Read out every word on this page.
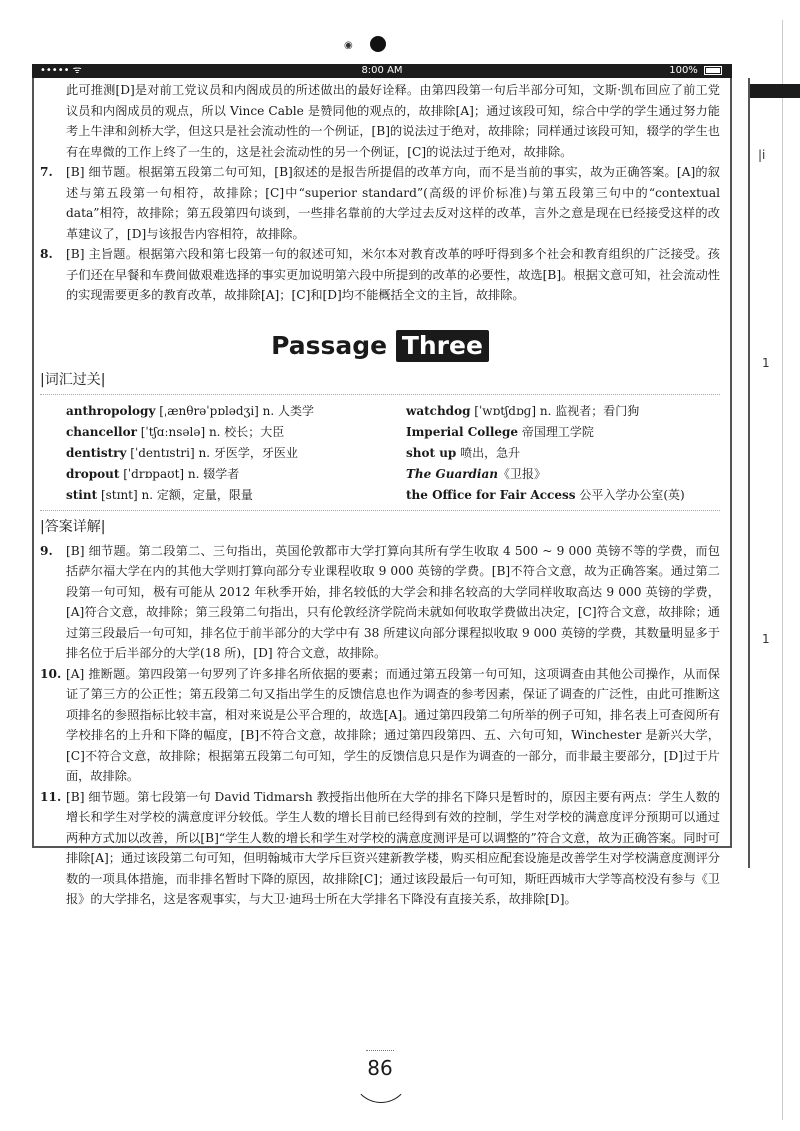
◉
••••• ᯤ	8:00 AM	100%

此可推测[D]是对前工党议员和内阁成员的所述做出的最好诠释。由第四段第一句后半部分可知，文斯·凯布回应了前工党议员和内阁成员的观点，所以 Vince Cable 是赞同他的观点的，故排除[A]；通过该段可知，综合中学的学生通过努力能考上牛津和剑桥大学，但这只是社会流动性的一个例证，[B]的说法过于绝对，故排除；同样通过该段可知，辍学的学生也有在卑微的工作上终了一生的，这是社会流动性的另一个例证，[C]的说法过于绝对，故排除。

7. [B] 细节题。根据第五段第二句可知，[B]叙述的是报告所提倡的改革方向，而不是当前的事实，故为正确答案。[A]的叙述与第五段第一句相符，故排除；[C]中“superior standard”(高级的评价标准)与第五段第三句中的“contextual data”相符，故排除；第五段第四句谈到，一些排名靠前的大学过去反对这样的改革，言外之意是现在已经接受这样的改革建议了，[D]与该报告内容相符，故排除。
8. [B] 主旨题。根据第六段和第七段第一句的叙述可知，米尔本对教育改革的呼吁得到多个社会和教育组织的广泛接受。孩子们还在早餐和车费间做艰难选择的事实更加说明第六段中所提到的改革的必要性，故选[B]。根据文意可知，社会流动性的实现需要更多的教育改革，故排除[A]；[C]和[D]均不能概括全文的主旨，故排除。
Passage Three
|词汇过关|
anthropology [ˌænθrəˈpɒlədʒi] n. 人类学	watchdog [ˈwɒtʃdɒɡ] n. 监视者；看门狗
chancellor [ˈtʃɑːnsələ] n. 校长；大臣	Imperial College 帝国理工学院
dentistry [ˈdentɪstri] n. 牙医学，牙医业	shot up 喷出，急升
dropout [ˈdrɒpaʊt] n. 辍学者	The Guardian《卫报》
stint [stɪnt] n. 定额，定量，限量	the Office for Fair Access 公平入学办公室(英)
|答案详解|
9. [B] 细节题。第二段第二、三句指出，英国伦敦都市大学打算向其所有学生收取 4 500 ~ 9 000 英镑不等的学费，而包括萨尔福大学在内的其他大学则打算向部分专业课程收取 9 000 英镑的学费。[B]不符合文意，故为正确答案。通过第二段第一句可知，极有可能从 2012 年秋季开始，排名较低的大学会和排名较高的大学同样收取高达 9 000 英镑的学费，[A]符合文意，故排除；第三段第二句指出，只有伦敦经济学院尚未就如何收取学费做出决定，[C]符合文意，故排除；通过第三段最后一句可知，排名位于前半部分的大学中有 38 所建议向部分课程拟收取 9 000 英镑的学费，其数量明显多于排名位于后半部分的大学(18 所)，[D] 符合文意，故排除。
10. [A] 推断题。第四段第一句罗列了许多排名所依据的要素；而通过第五段第一句可知，这项调查由其他公司操作，从而保证了第三方的公正性；第五段第二句又指出学生的反馈信息也作为调查的参考因素，保证了调查的广泛性，由此可推断这项排名的参照指标比较丰富，相对来说是公平合理的，故选[A]。通过第四段第二句所举的例子可知，排名表上可查阅所有学校排名的上升和下降的幅度，[B]不符合文意，故排除；通过第四段第四、五、六句可知，Winchester 是新兴大学，[C]不符合文意，故排除；根据第五段第二句可知，学生的反馈信息只是作为调查的一部分，而非最主要部分，[D]过于片面，故排除。
11. [B] 细节题。第七段第一句 David Tidmarsh 教授指出他所在大学的排名下降只是暂时的，原因主要有两点：学生人数的增长和学生对学校的满意度评分较低。学生人数的增长目前已经得到有效的控制，学生对学校的满意度评分预期可以通过两种方式加以改善，所以[B]“学生人数的增长和学生对学校的满意度测评是可以调整的”符合文意，故为正确答案。同时可排除[A]；通过该段第二句可知，但明翰城市大学斥巨资兴建新教学楼，购买相应配套设施是改善学生对学校满意度测评分数的一项具体措施，而非排名暂时下降的原因，故排除[C]；通过该段最后一句可知，斯旺西城市大学等高校没有参与《卫报》的大学排名，这是客观事实，与大卫·迪玛士所在大学排名下降没有直接关系，故排除[D]。
86
|i
1
1
